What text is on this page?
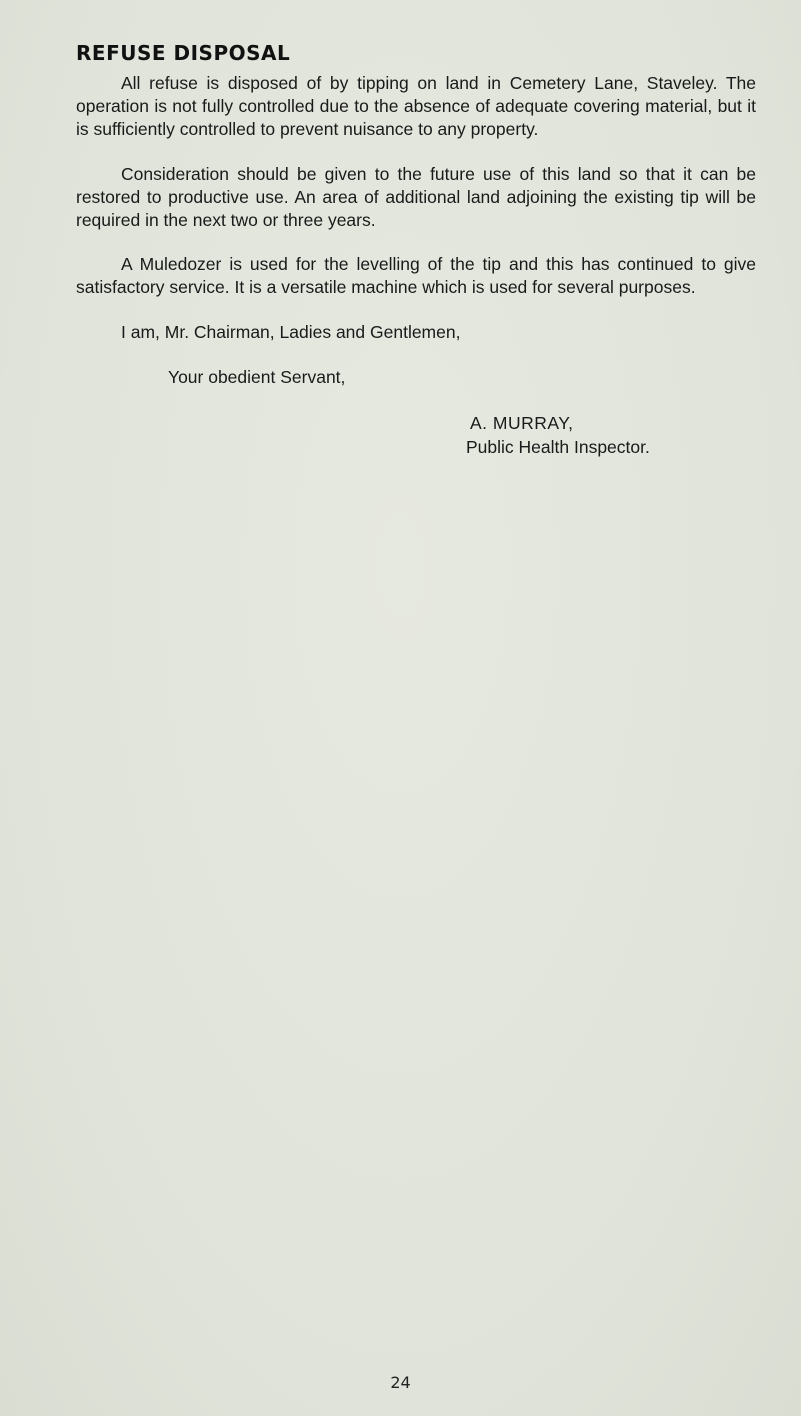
REFUSE DISPOSAL

All refuse is disposed of by tipping on land in Cemetery Lane, Staveley. The operation is not fully controlled due to the absence of adequate covering material, but it is sufficiently controlled to prevent nuisance to any property.

Consideration should be given to the future use of this land so that it can be restored to productive use. An area of additional land adjoining the existing tip will be required in the next two or three years.

A Muledozer is used for the levelling of the tip and this has continued to give satisfactory service. It is a versatile machine which is used for several purposes.

I am, Mr. Chairman, Ladies and Gentlemen,

Your obedient Servant,

A. MURRAY,
Public Health Inspector.
24
